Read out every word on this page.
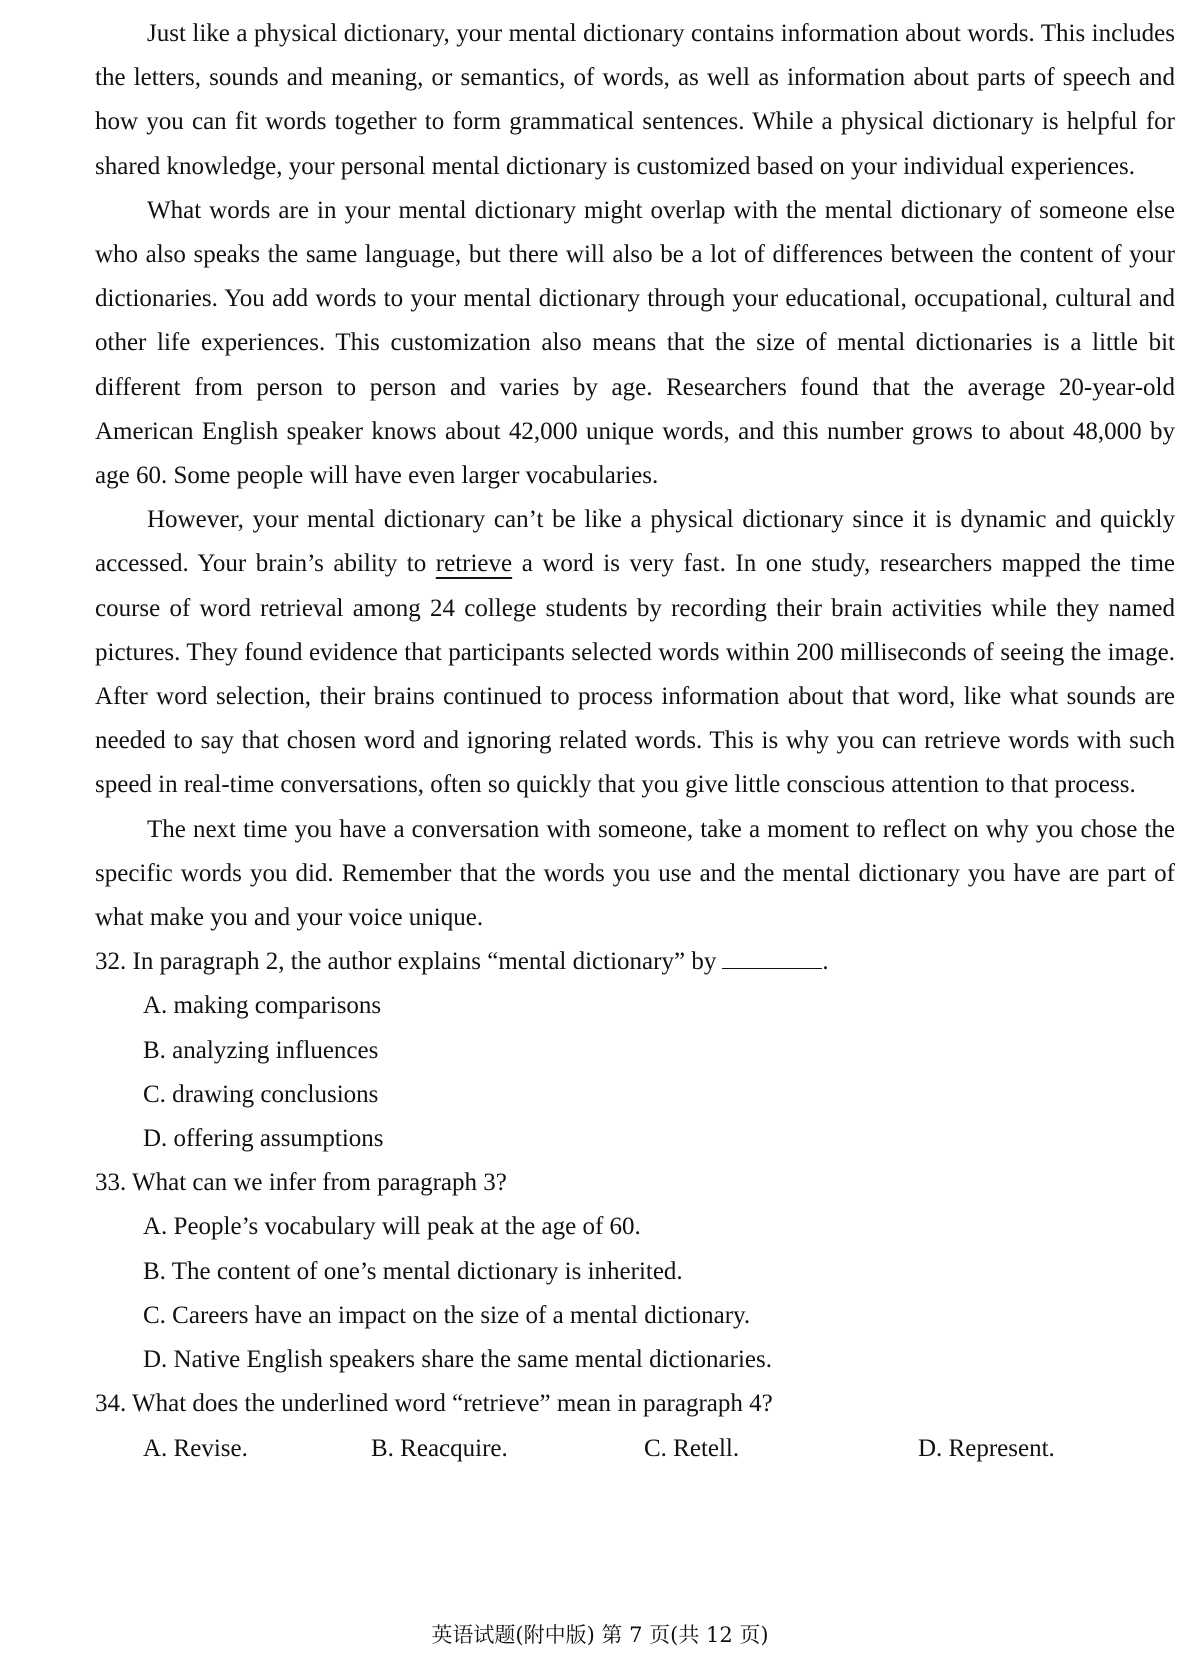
Just like a physical dictionary, your mental dictionary contains information about words. This includes the letters, sounds and meaning, or semantics, of words, as well as information about parts of speech and how you can fit words together to form grammatical sentences. While a physical dictionary is helpful for shared knowledge, your personal mental dictionary is customized based on your individual experiences.

What words are in your mental dictionary might overlap with the mental dictionary of someone else who also speaks the same language, but there will also be a lot of differences between the content of your dictionaries. You add words to your mental dictionary through your educational, occupational, cultural and other life experiences. This customization also means that the size of mental dictionaries is a little bit different from person to person and varies by age. Researchers found that the average 20-year-old American English speaker knows about 42,000 unique words, and this number grows to about 48,000 by age 60. Some people will have even larger vocabularies.

However, your mental dictionary can’t be like a physical dictionary since it is dynamic and quickly accessed. Your brain’s ability to retrieve a word is very fast. In one study, researchers mapped the time course of word retrieval among 24 college students by recording their brain activities while they named pictures. They found evidence that participants selected words within 200 milliseconds of seeing the image. After word selection, their brains continued to process information about that word, like what sounds are needed to say that chosen word and ignoring related words. This is why you can retrieve words with such speed in real-time conversations, often so quickly that you give little conscious attention to that process.

The next time you have a conversation with someone, take a moment to reflect on why you chose the specific words you did. Remember that the words you use and the mental dictionary you have are part of what make you and your voice unique.

32. In paragraph 2, the author explains “mental dictionary” by	.

A. making comparisons

B. analyzing influences

C. drawing conclusions

D. offering assumptions

33. What can we infer from paragraph 3?

A. People’s vocabulary will peak at the age of 60.

B. The content of one’s mental dictionary is inherited.

C. Careers have an impact on the size of a mental dictionary.

D. Native English speakers share the same mental dictionaries.

34. What does the underlined word “retrieve” mean in paragraph 4?

A. Revise.	B. Reacquire.	C. Retell.	D. Represent.
英语试题(附中版) 第 7 页(共 12 页)
